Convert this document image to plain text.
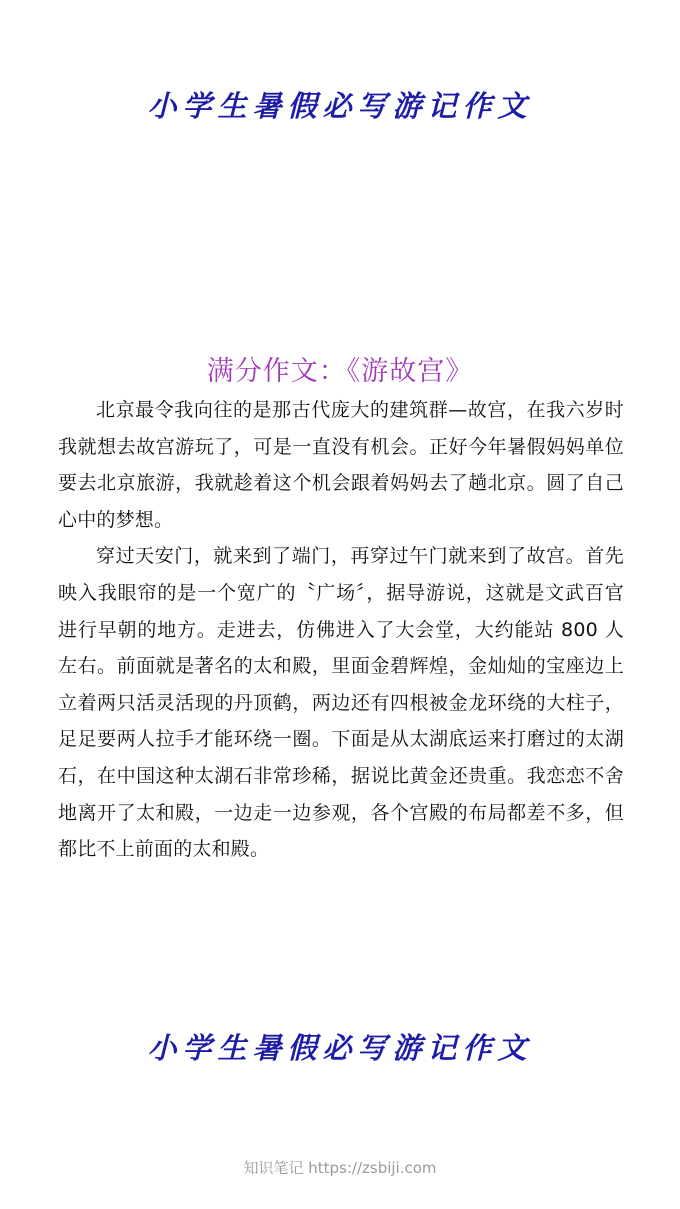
小学生暑假必写游记作文
满分作文：《游故宫》

北京最令我向往的是那古代庞大的建筑群—故宫，在我六岁时我就想去故宫游玩了，可是一直没有机会。正好今年暑假妈妈单位要去北京旅游，我就趁着这个机会跟着妈妈去了趟北京。圆了自己心中的梦想。

穿过天安门，就来到了端门，再穿过午门就来到了故宫。首先映入我眼帘的是一个宽广的〝广场〞，据导游说，这就是文武百官进行早朝的地方。走进去，仿佛进入了大会堂，大约能站 800 人左右。前面就是著名的太和殿，里面金碧辉煌，金灿灿的宝座边上立着两只活灵活现的丹顶鹤，两边还有四根被金龙环绕的大柱子，足足要两人拉手才能环绕一圈。下面是从太湖底运来打磨过的太湖石，在中国这种太湖石非常珍稀，据说比黄金还贵重。我恋恋不舍地离开了太和殿，一边走一边参观，各个宫殿的布局都差不多，但都比不上前面的太和殿。

小学生暑假必写游记作文
知识笔记 https://zsbiji.com
